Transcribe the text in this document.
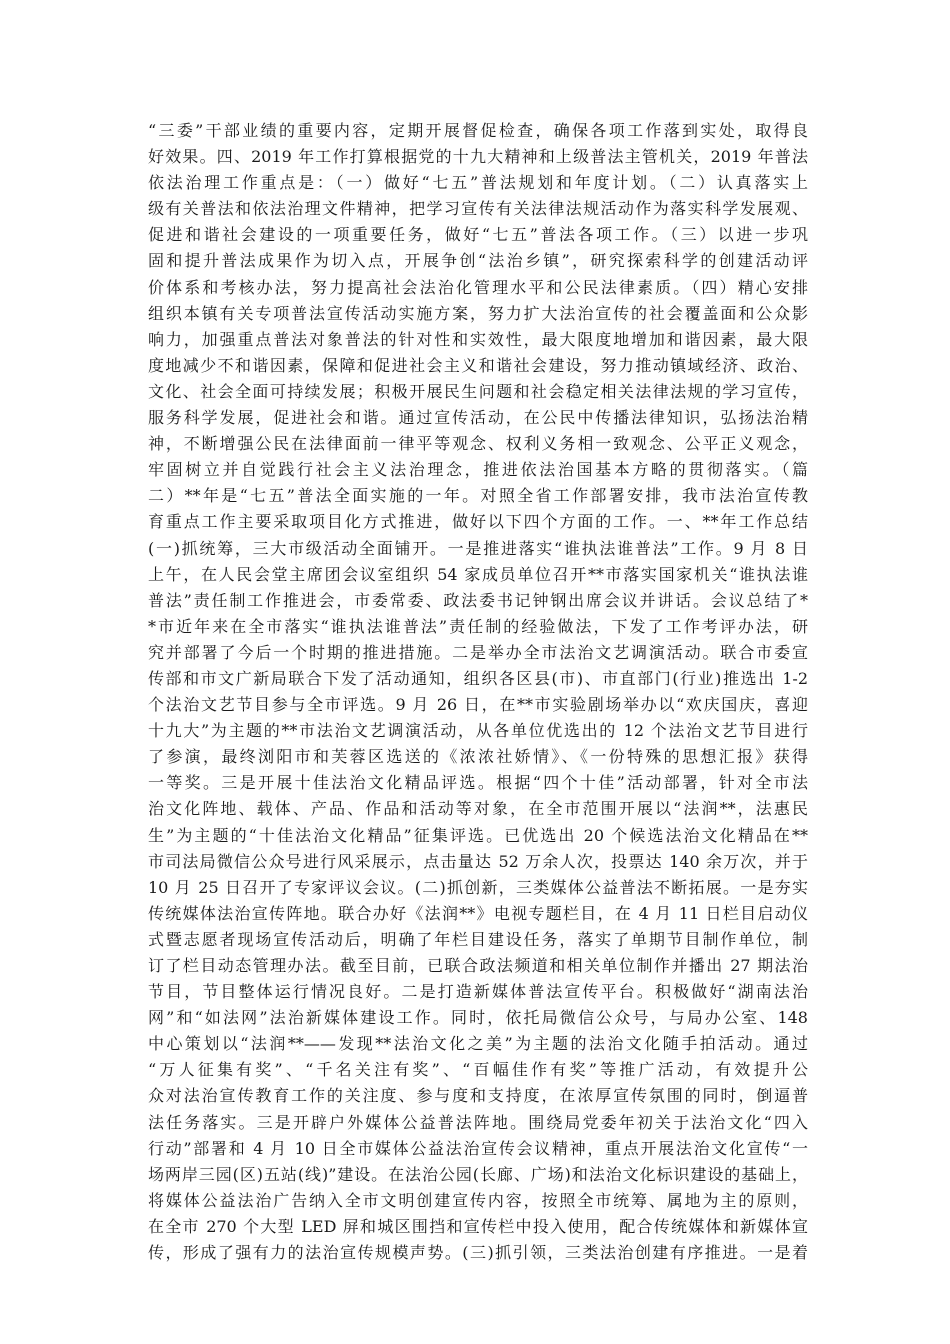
“三委”干部业绩的重要内容，定期开展督促检查，确保各项工作落到实处，取得良
好效果。四、2019 年工作打算根据党的十九大精神和上级普法主管机关，2019 年普法
依法治理工作重点是：（一）做好“七五”普法规划和年度计划。（二）认真落实上
级有关普法和依法治理文件精神，把学习宣传有关法律法规活动作为落实科学发展观、
促进和谐社会建设的一项重要任务，做好“七五”普法各项工作。（三）以进一步巩
固和提升普法成果作为切入点，开展争创“法治乡镇”，研究探索科学的创建活动评
价体系和考核办法，努力提高社会法治化管理水平和公民法律素质。（四）精心安排
组织本镇有关专项普法宣传活动实施方案，努力扩大法治宣传的社会覆盖面和公众影
响力，加强重点普法对象普法的针对性和实效性，最大限度地增加和谐因素，最大限
度地减少不和谐因素，保障和促进社会主义和谐社会建设，努力推动镇域经济、政治、
文化、社会全面可持续发展；积极开展民生问题和社会稳定相关法律法规的学习宣传，
服务科学发展，促进社会和谐。通过宣传活动，在公民中传播法律知识，弘扬法治精
神，不断增强公民在法律面前一律平等观念、权利义务相一致观念、公平正义观念，
牢固树立并自觉践行社会主义法治理念，推进依法治国基本方略的贯彻落实。（篇
二）**年是“七五”普法全面实施的一年。对照全省工作部署安排，我市法治宣传教
育重点工作主要采取项目化方式推进，做好以下四个方面的工作。一、**年工作总结
(一)抓统筹，三大市级活动全面铺开。一是推进落实“谁执法谁普法”工作。9 月 8 日
上午，在人民会堂主席团会议室组织 54 家成员单位召开**市落实国家机关“谁执法谁
普法”责任制工作推进会，市委常委、政法委书记钟钢出席会议并讲话。会议总结了*
*市近年来在全市落实“谁执法谁普法”责任制的经验做法，下发了工作考评办法，研
究并部署了今后一个时期的推进措施。二是举办全市法治文艺调演活动。联合市委宣
传部和市文广新局联合下发了活动通知，组织各区县(市)、市直部门(行业)推选出 1-2
个法治文艺节目参与全市评选。9 月 26 日，在**市实验剧场举办以“欢庆国庆，喜迎
十九大”为主题的**市法治文艺调演活动，从各单位优选出的 12 个法治文艺节目进行
了参演，最终浏阳市和芙蓉区选送的《浓浓社娇情》、《一份特殊的思想汇报》获得
一等奖。三是开展十佳法治文化精品评选。根据“四个十佳”活动部署，针对全市法
治文化阵地、载体、产品、作品和活动等对象，在全市范围开展以“法润**，法惠民
生”为主题的“十佳法治文化精品”征集评选。已优选出 20 个候选法治文化精品在**
市司法局微信公众号进行风采展示，点击量达 52 万余人次，投票达 140 余万次，并于
10 月 25 日召开了专家评议会议。(二)抓创新，三类媒体公益普法不断拓展。一是夯实
传统媒体法治宣传阵地。联合办好《法润**》电视专题栏目，在 4 月 11 日栏目启动仪
式暨志愿者现场宣传活动后，明确了年栏目建设任务，落实了单期节目制作单位，制
订了栏目动态管理办法。截至目前，已联合政法频道和相关单位制作并播出 27 期法治
节目，节目整体运行情况良好。二是打造新媒体普法宣传平台。积极做好“湖南法治
网”和“如法网”法治新媒体建设工作。同时，依托局微信公众号，与局办公室、148
中心策划以“法润**——发现**法治文化之美”为主题的法治文化随手拍活动。通过
“万人征集有奖”、“千名关注有奖”、“百幅佳作有奖”等推广活动，有效提升公
众对法治宣传教育工作的关注度、参与度和支持度，在浓厚宣传氛围的同时，倒逼普
法任务落实。三是开辟户外媒体公益普法阵地。围绕局党委年初关于法治文化“四入
行动”部署和 4 月 10 日全市媒体公益法治宣传会议精神，重点开展法治文化宣传“一
场两岸三园(区)五站(线)”建设。在法治公园(长廊、广场)和法治文化标识建设的基础上，
将媒体公益法治广告纳入全市文明创建宣传内容，按照全市统筹、属地为主的原则，
在全市 270 个大型 LED 屏和城区围挡和宣传栏中投入使用，配合传统媒体和新媒体宣
传，形成了强有力的法治宣传规模声势。(三)抓引领，三类法治创建有序推进。一是着
